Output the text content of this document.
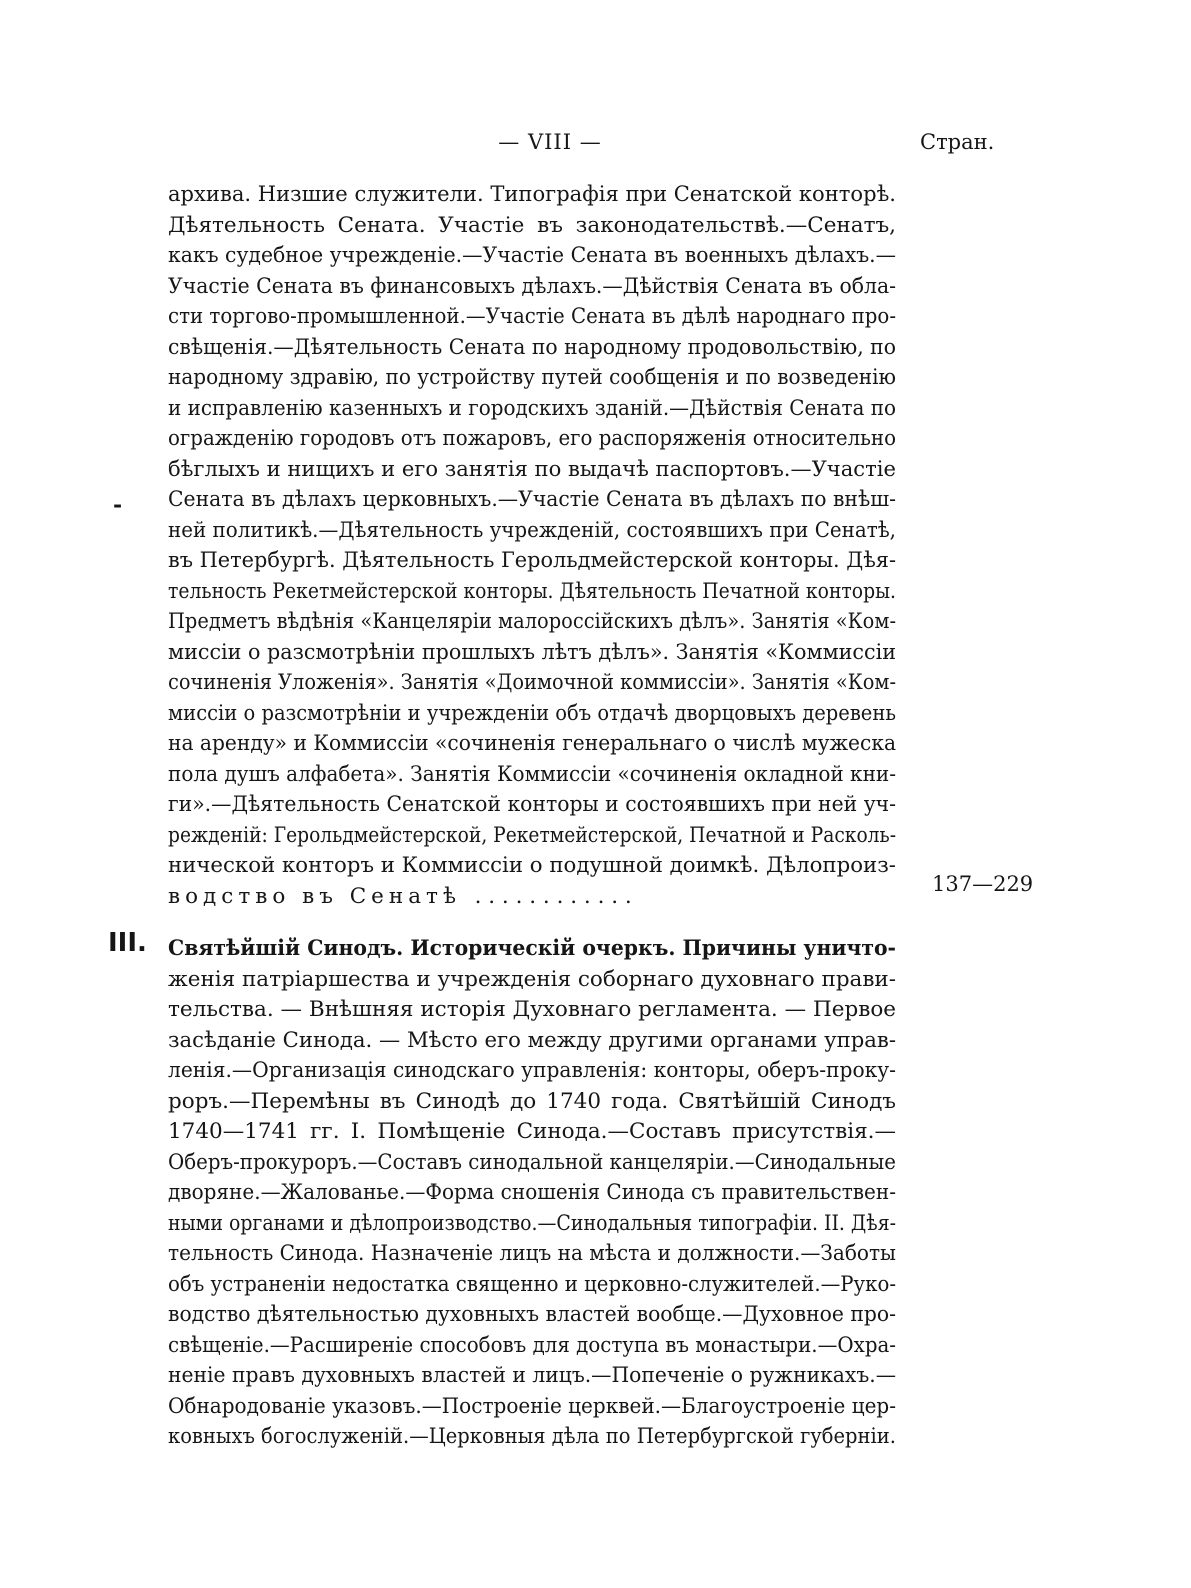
— VIII —	Стран.
-
архива. Низшие служители. Типографія при Сенатской конторѣ.
Дѣятельность Сената. Участіе въ законодательствѣ.—Сенатъ,
какъ судебное учрежденіе.—Участіе Сената въ военныхъ дѣлахъ.—
Участіе Сената въ финансовыхъ дѣлахъ.—Дѣйствія Сената въ обла-
сти торгово-промышленной.—Участіе Сената въ дѣлѣ народнаго про-
свѣщенія.—Дѣятельность Сената по народному продовольствію, по
народному здравію, по устройству путей сообщенія и по возведенію
и исправленію казенныхъ и городскихъ зданій.—Дѣйствія Сената по
огражденію городовъ отъ пожаровъ, его распоряженія относительно
бѣглыхъ и нищихъ и его занятія по выдачѣ паспортовъ.—Участіе
Сената въ дѣлахъ церковныхъ.—Участіе Сената въ дѣлахъ по внѣш-
ней политикѣ.—Дѣятельность учрежденій, состоявшихъ при Сенатѣ,
въ Петербургѣ. Дѣятельность Герольдмейстерской конторы. Дѣя-
тельность Рекетмейстерской конторы. Дѣятельность Печатной конторы.
Предметъ вѣдѣнія «Канцеляріи малороссійскихъ дѣлъ». Занятія «Ком-
миссіи о разсмотрѣніи прошлыхъ лѣтъ дѣлъ». Занятія «Коммиссіи
сочиненія Уложенія». Занятія «Доимочной коммиссіи». Занятія «Ком-
миссіи о разсмотрѣніи и учрежденіи объ отдачѣ дворцовыхъ деревень
на аренду» и Коммиссіи «сочиненія генеральнаго о числѣ мужеска
пола душъ алфабета». Занятія Коммиссіи «сочиненія окладной кни-
ги».—Дѣятельность Сенатской конторы и состоявшихъ при ней уч-
режденій: Герольдмейстерской, Рекетмейстерской, Печатной и Расколь-
нической конторъ и Коммиссіи о подушной доимкѣ. Дѣлопроиз-
водство въ Сенатѣ . . . . . . . . . . . .	137—229
III. Святѣйшій Синодъ. Историческій очеркъ. Причины уничто-
женія патріаршества и учрежденія соборнаго духовнаго прави-
тельства. — Внѣшняя исторія Духовнаго регламента. — Первое
засѣданіе Синода. — Мѣсто его между другими органами управ-
ленія.—Организація синодскаго управленія: конторы, оберъ-проку-
роръ.—Перемѣны въ Синодѣ до 1740 года. Святѣйшій Синодъ
1740—1741 гг. I. Помѣщеніе Синода.—Составъ присутствія.—
Оберъ-прокуроръ.—Составъ синодальной канцеляріи.—Синодальные
дворяне.—Жалованье.—Форма сношенія Синода съ правительствен-
ными органами и дѣлопроизводство.—Синодальныя типографіи. II. Дѣя-
тельность Синода. Назначеніе лицъ на мѣста и должности.—Заботы
объ устраненіи недостатка священно и церковно-служителей.—Руко-
водство дѣятельностью духовныхъ властей вообще.—Духовное про-
свѣщеніе.—Расширеніе способовъ для доступа въ монастыри.—Охра-
неніе правъ духовныхъ властей и лицъ.—Попеченіе о ружникахъ.—
Обнародованіе указовъ.—Построеніе церквей.—Благоустроеніе цер-
ковныхъ богослуженій.—Церковныя дѣла по Петербургской губерніи.
